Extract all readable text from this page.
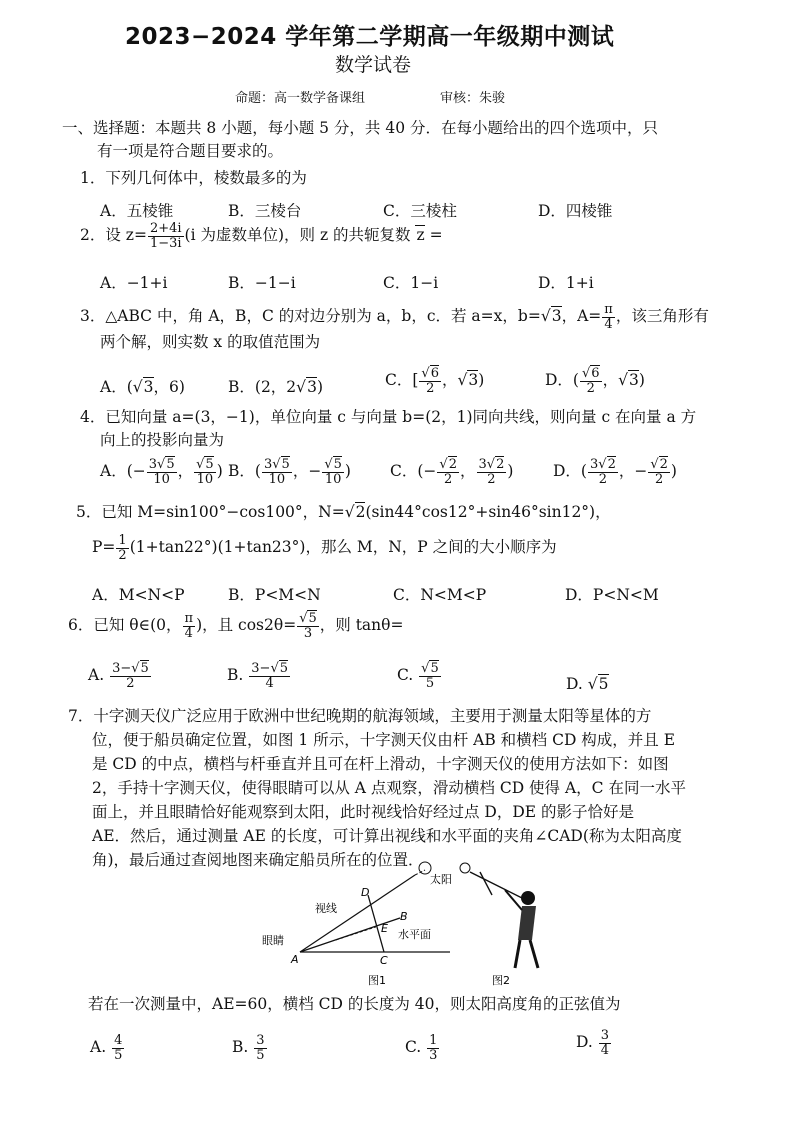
2023−2024 学年第二学期高一年级期中测试
数学试卷
命题：高一数学备课组	审核：朱骏
一、选择题：本题共 8 小题，每小题 5 分，共 40 分．在每小题给出的四个选项中，只
有一项是符合题目要求的。
1．下列几何体中，棱数最多的为
A．五棱锥	B．三棱台	C．三棱柱	D．四棱锥
2．设 $z= \frac{2+4i}{1-3i} (i$ 为虚数单位)，则 z 的共轭复数 z =
A．−1+i	B．−1−i	C．1−i	D．1+i
3．△ABC 中，角 A，B，C 的对边分别为 a，b，c．若 a=x，b=√3，$A= \frac{\pi}{4}$ ，该三角形有
两个解，则实数 x 的取值范围为
A．(√3，6)	B．(2，2√3)	C．[ $\frac{√6}{2}$ ，√3)	D．( $\frac{√6}{2}$ ，√3)
4．已知向量 a=(3，−1)，单位向量 c 与向量 b=(2，1)同向共线，则向量 c 在向量 a 方
向上的投影向量为
A．(− $\frac{3√5}{10}$ ， $\frac{√5}{10}$ ) B．( $\frac{3√5}{10}$ ，− $\frac{√5}{10}$ )	C．(− $\frac{√2}{2}$ ， $\frac{3√2}{2}$ )	D．( $\frac{3√2}{2}$ ，− $\frac{√2}{2}$ )
5．已知 M=sin100°−cos100°，N=√2(sin44°cos12°+sin46°sin12°)，
$P= \frac{1}{2} (1+\tan 22^\circ)(1+\tan 23^\circ)$，那么 M，N，P 之间的大小顺序为
A．M<N<P	B．P<M<N	C．N<M<P	D．P<N<M
6．已知 θ∈(0， $\frac{\pi}{4}$ )，且 $\cos 2\theta= \frac{√5}{3}$ ，则 tanθ=
A. $\frac{3-√5}{2}$	B. $\frac{3-√5}{4}$	C. $\frac{√5}{5}$	D. √5
7．十字测天仪广泛应用于欧洲中世纪晚期的航海领域，主要用于测量太阳等星体的方
位，便于船员确定位置，如图 1 所示，十字测天仪由杆 AB 和横档 CD 构成，并且 E
是 CD 的中点，横档与杆垂直并且可在杆上滑动，十字测天仪的使用方法如下：如图
2，手持十字测天仪，使得眼睛可以从 A 点观察，滑动横档 CD 使得 A，C 在同一水平
面上，并且眼睛恰好能观察到太阳，此时视线恰好经过点 D，DE 的影子恰好是
AE．然后，通过测量 AE 的长度，可计算出视线和水平面的夹角∠CAD(称为太阳高度
角)，最后通过查阅地图来确定船员所在的位置．
太阳
视线
眼睛	水平面
A
B
C
D
E
图1	图2
若在一次测量中，AE=60，横档 CD 的长度为 40，则太阳高度角的正弦值为
A. $\frac{4}{5}$	B. $\frac{3}{5}$	C. $\frac{1}{3}$	D. $\frac{3}{4}$
